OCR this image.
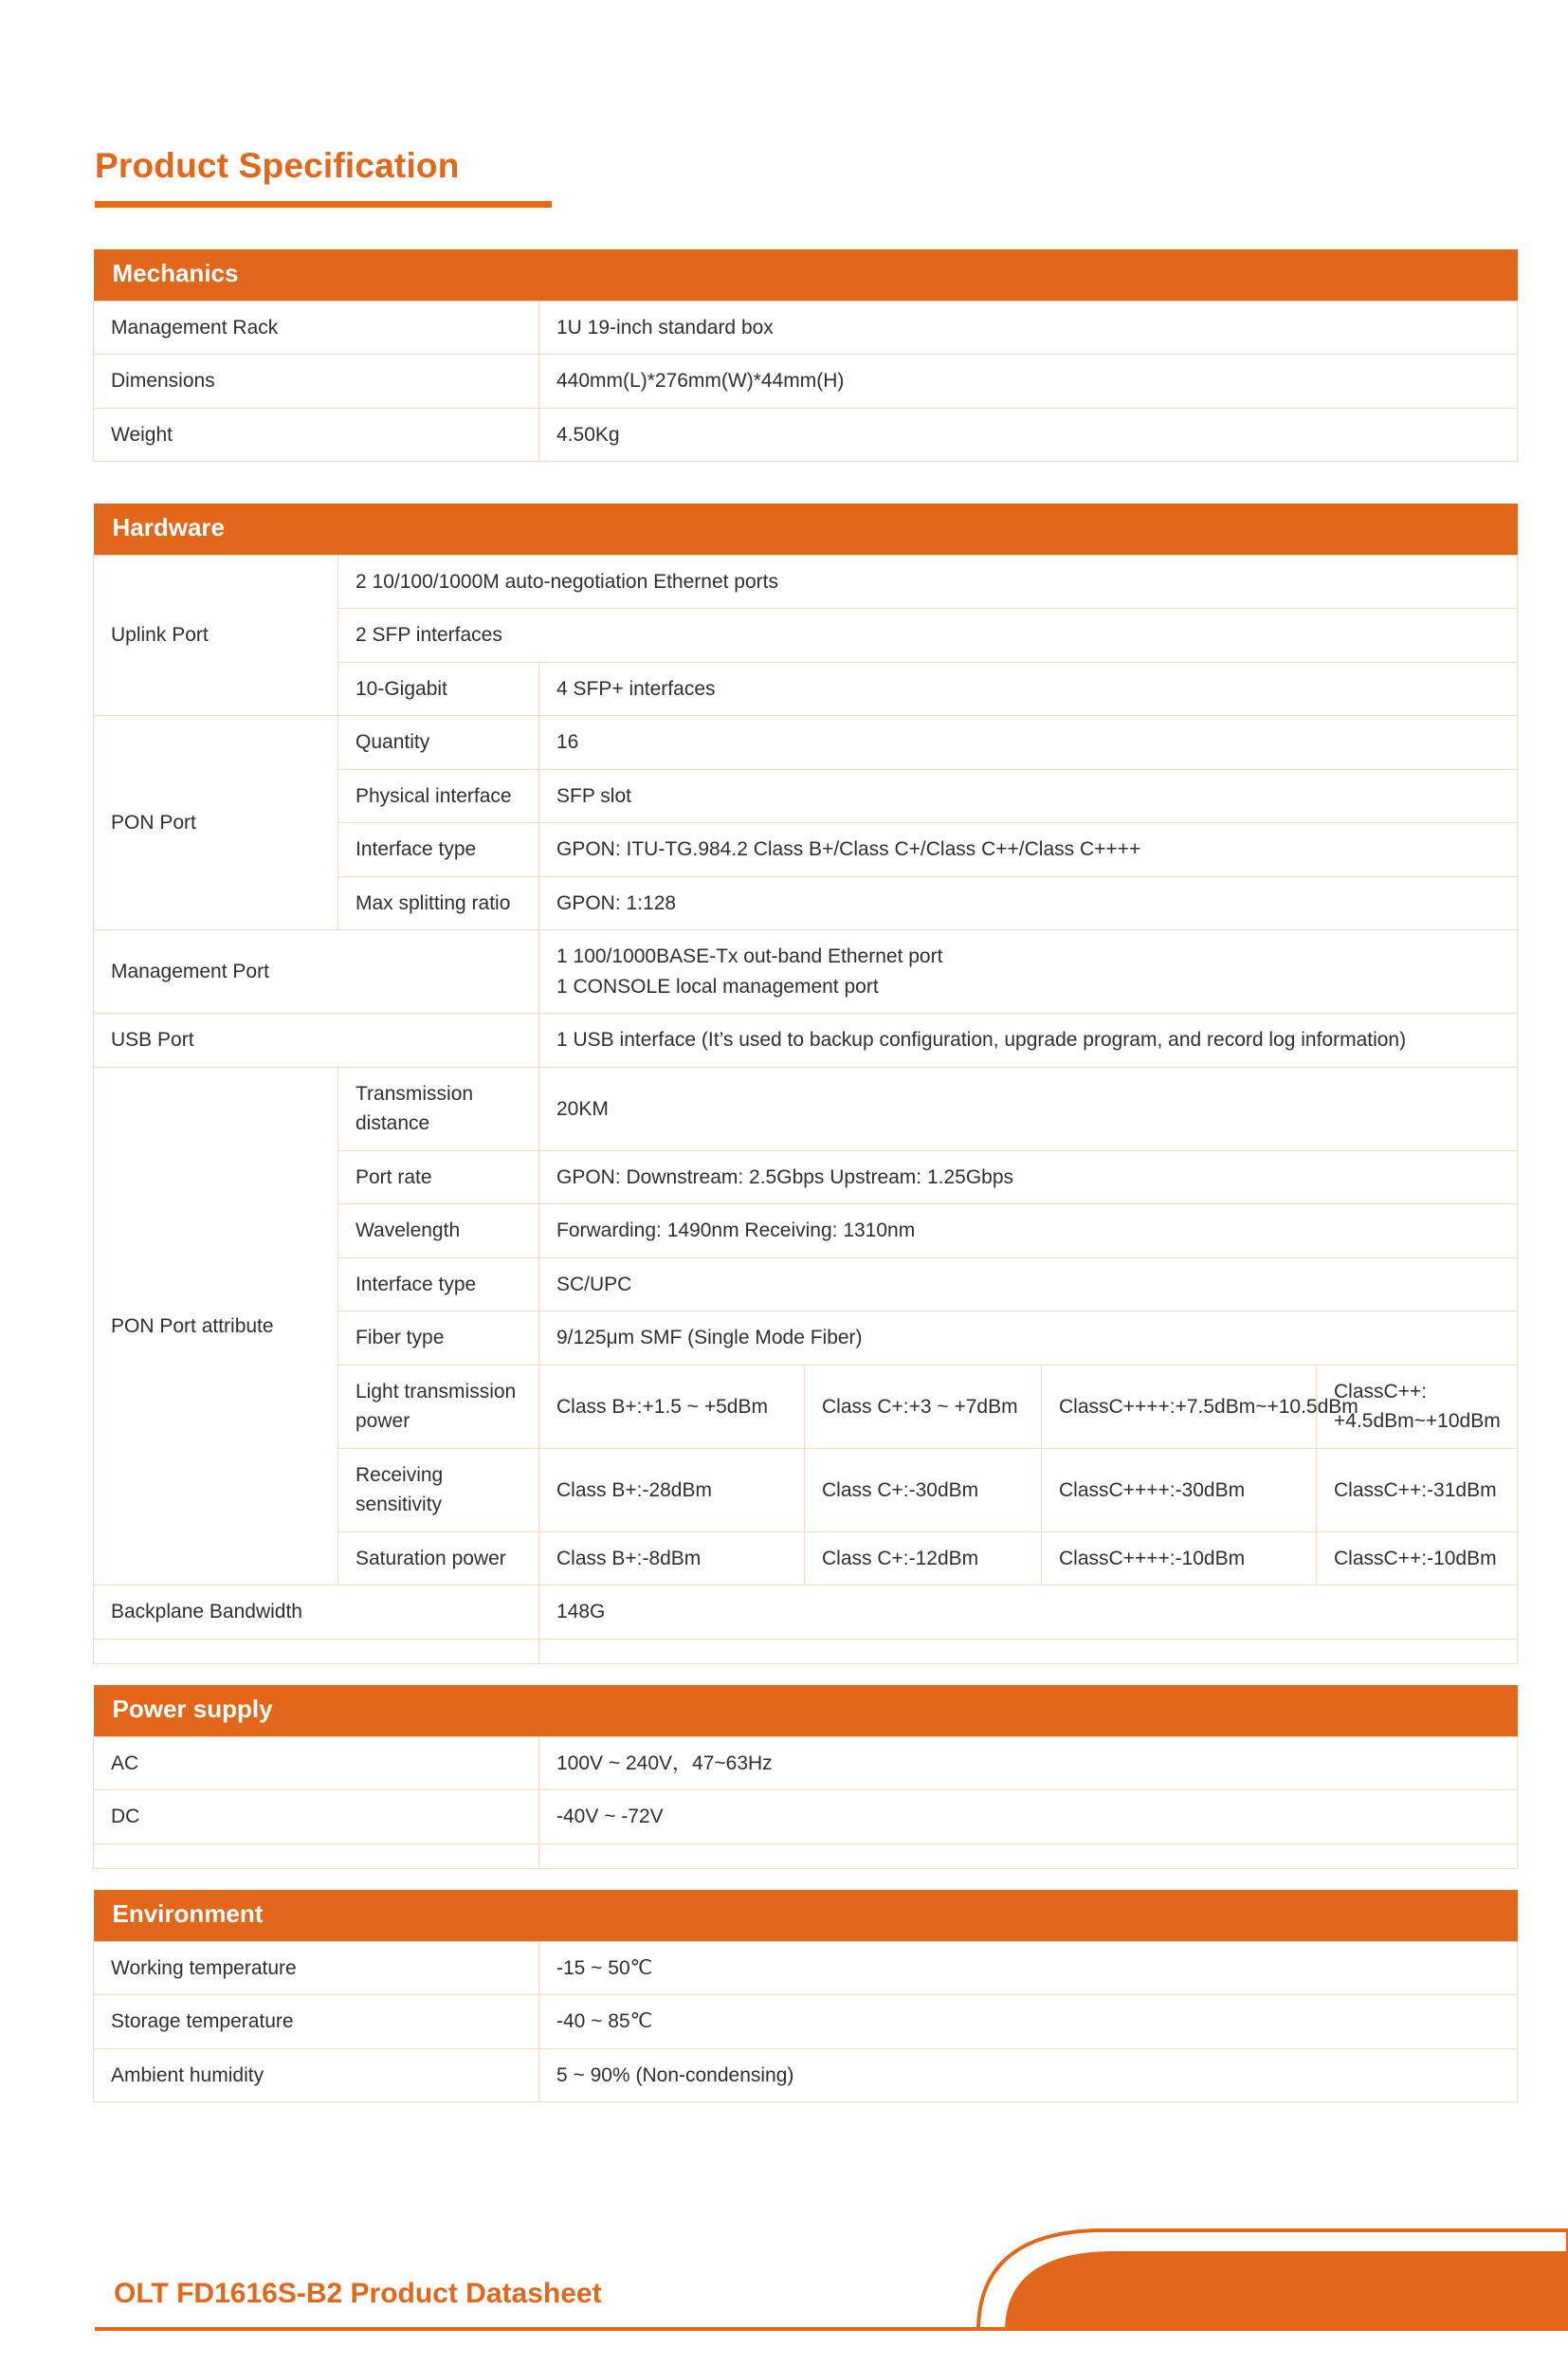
Product Specification
Mechanics	
Management Rack	1U 19-inch standard box
Dimensions	440mm(L)*276mm(W)*44mm(H)
Weight	4.50Kg
Hardware					
Uplink Port	2 10/100/1000M auto-negotiation Ethernet ports				
	2 SFP interfaces				
	10-Gigabit	4 SFP+ interfaces			
PON Port	Quantity	16			
	Physical interface	SFP slot			
	Interface type	GPON: ITU-TG.984.2 Class B+/Class C+/Class C++/Class C++++			
	Max splitting ratio	GPON: 1:128			
Management Port		1 100/1000BASE-Tx out-band Ethernet port
1 CONSOLE local management port			

USB Port		1 USB interface (It’s used to backup configuration, upgrade program, and record log information)			
PON Port attribute	Transmission distance	20KM			
	Port rate	GPON: Downstream: 2.5Gbps Upstream: 1.25Gbps			
	Wavelength	Forwarding: 1490nm Receiving: 1310nm			
	Interface type	SC/UPC			
	Fiber type	9/125μm SMF (Single Mode Fiber)			
	Light transmission power	Class B+:+1.5 ~ +5dBm	Class C+:+3 ~ +7dBm	ClassC++++:+7.5dBm~+10.5dBm	ClassC++: +4.5dBm~+10dBm
	Receiving sensitivity	Class B+:-28dBm	Class C+:-30dBm	ClassC++++:-30dBm	ClassC++:-31dBm
	Saturation power	Class B+:-8dBm	Class C+:-12dBm	ClassC++++:-10dBm	ClassC++:-10dBm
Backplane Bandwidth		148G			

Power supply	
AC	100V ~ 240V，47~63Hz
DC	-40V ~ -72V

Environment	
Working temperature	-15 ~ 50℃
Storage temperature	-40 ~ 85℃
Ambient humidity	5 ~ 90% (Non-condensing)
OLT FD1616S-B2 Product Datasheet
